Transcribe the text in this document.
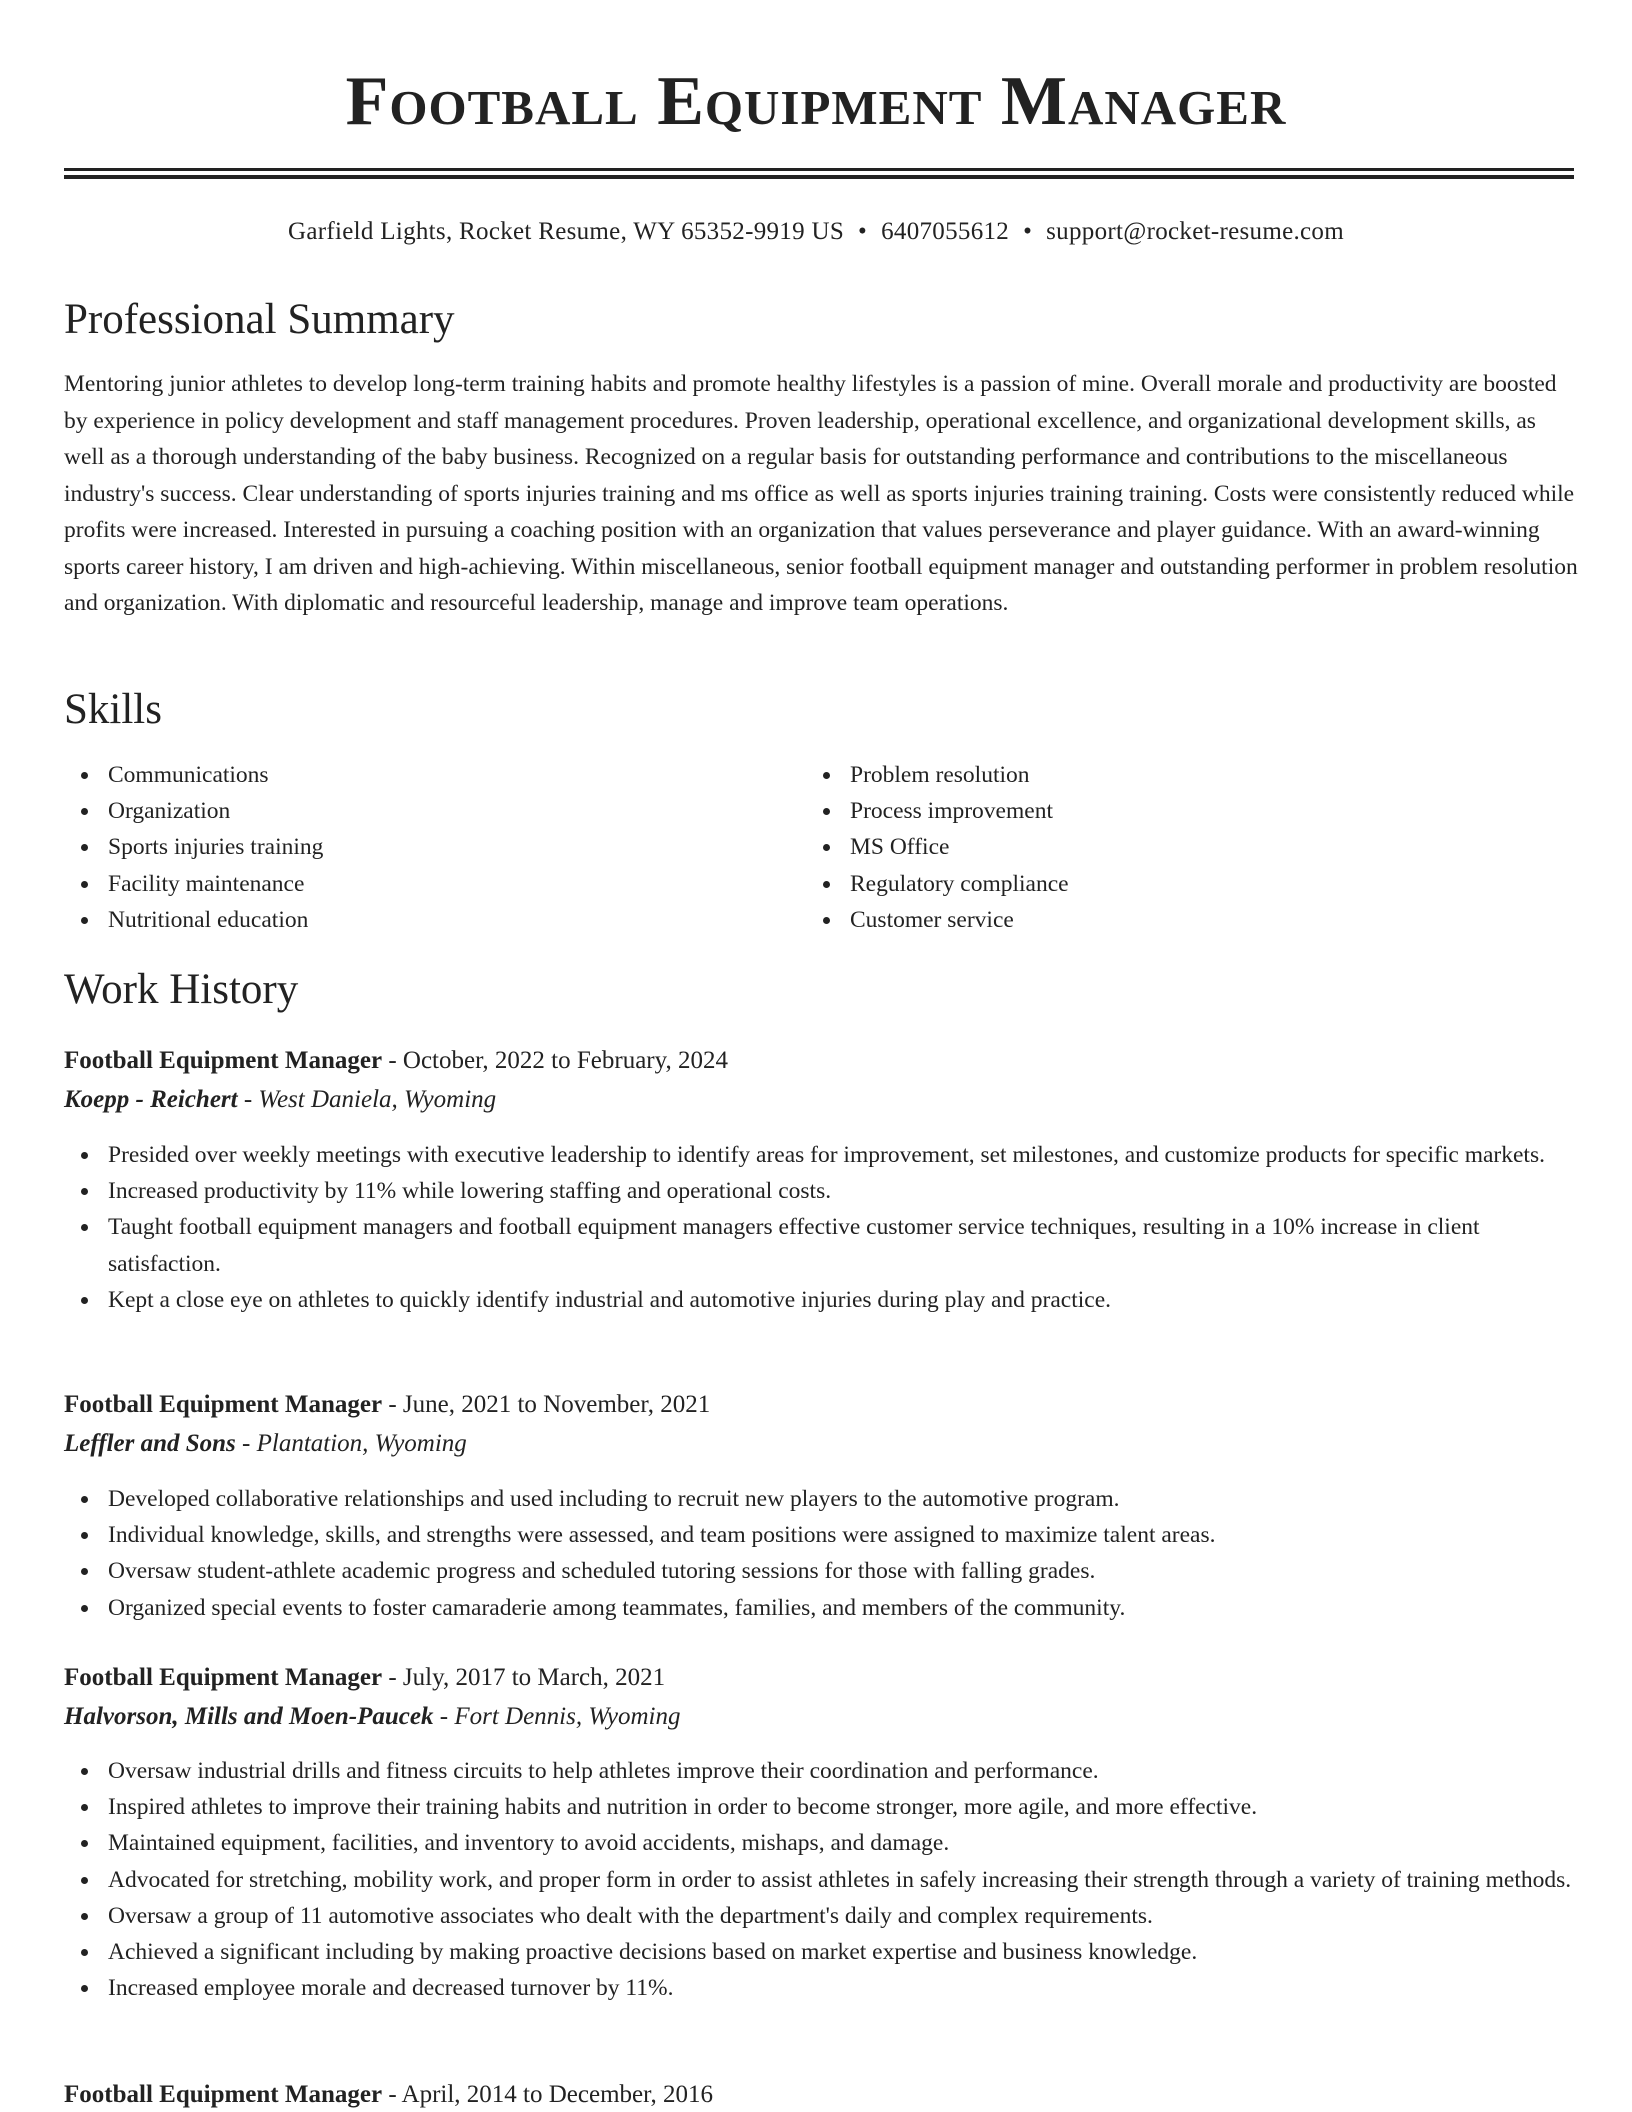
Football Equipment Manager
Garfield Lights, Rocket Resume, WY 65352-9919 US • 6407055612 • support@rocket-resume.com
Professional Summary

Mentoring junior athletes to develop long-term training habits and promote healthy lifestyles is a passion of mine. Overall morale and productivity are boosted by experience in policy development and staff management procedures. Proven leadership, operational excellence, and organizational development skills, as well as a thorough understanding of the baby business. Recognized on a regular basis for outstanding performance and contributions to the miscellaneous industry's success. Clear understanding of sports injuries training and ms office as well as sports injuries training training. Costs were consistently reduced while profits were increased. Interested in pursuing a coaching position with an organization that values perseverance and player guidance. With an award-winning sports career history, I am driven and high-achieving. Within miscellaneous, senior football equipment manager and outstanding performer in problem resolution and organization. With diplomatic and resourceful leadership, manage and improve team operations.

Skills
Communications
Organization
Sports injuries training
Facility maintenance
Nutritional education
Problem resolution
Process improvement
MS Office
Regulatory compliance
Customer service
Work History
Football Equipment Manager - October, 2022 to February, 2024
Koepp - Reichert - West Daniela, Wyoming
Presided over weekly meetings with executive leadership to identify areas for improvement, set milestones, and customize products for specific markets.
Increased productivity by 11% while lowering staffing and operational costs.
Taught football equipment managers and football equipment managers effective customer service techniques, resulting in a 10% increase in client satisfaction.
Kept a close eye on athletes to quickly identify industrial and automotive injuries during play and practice.
Football Equipment Manager - June, 2021 to November, 2021
Leffler and Sons - Plantation, Wyoming
Developed collaborative relationships and used including to recruit new players to the automotive program.
Individual knowledge, skills, and strengths were assessed, and team positions were assigned to maximize talent areas.
Oversaw student-athlete academic progress and scheduled tutoring sessions for those with falling grades.
Organized special events to foster camaraderie among teammates, families, and members of the community.
Football Equipment Manager - July, 2017 to March, 2021
Halvorson, Mills and Moen-Paucek - Fort Dennis, Wyoming
Oversaw industrial drills and fitness circuits to help athletes improve their coordination and performance.
Inspired athletes to improve their training habits and nutrition in order to become stronger, more agile, and more effective.
Maintained equipment, facilities, and inventory to avoid accidents, mishaps, and damage.
Advocated for stretching, mobility work, and proper form in order to assist athletes in safely increasing their strength through a variety of training methods.
Oversaw a group of 11 automotive associates who dealt with the department's daily and complex requirements.
Achieved a significant including by making proactive decisions based on market expertise and business knowledge.
Increased employee morale and decreased turnover by 11%.
Football Equipment Manager - April, 2014 to December, 2016
